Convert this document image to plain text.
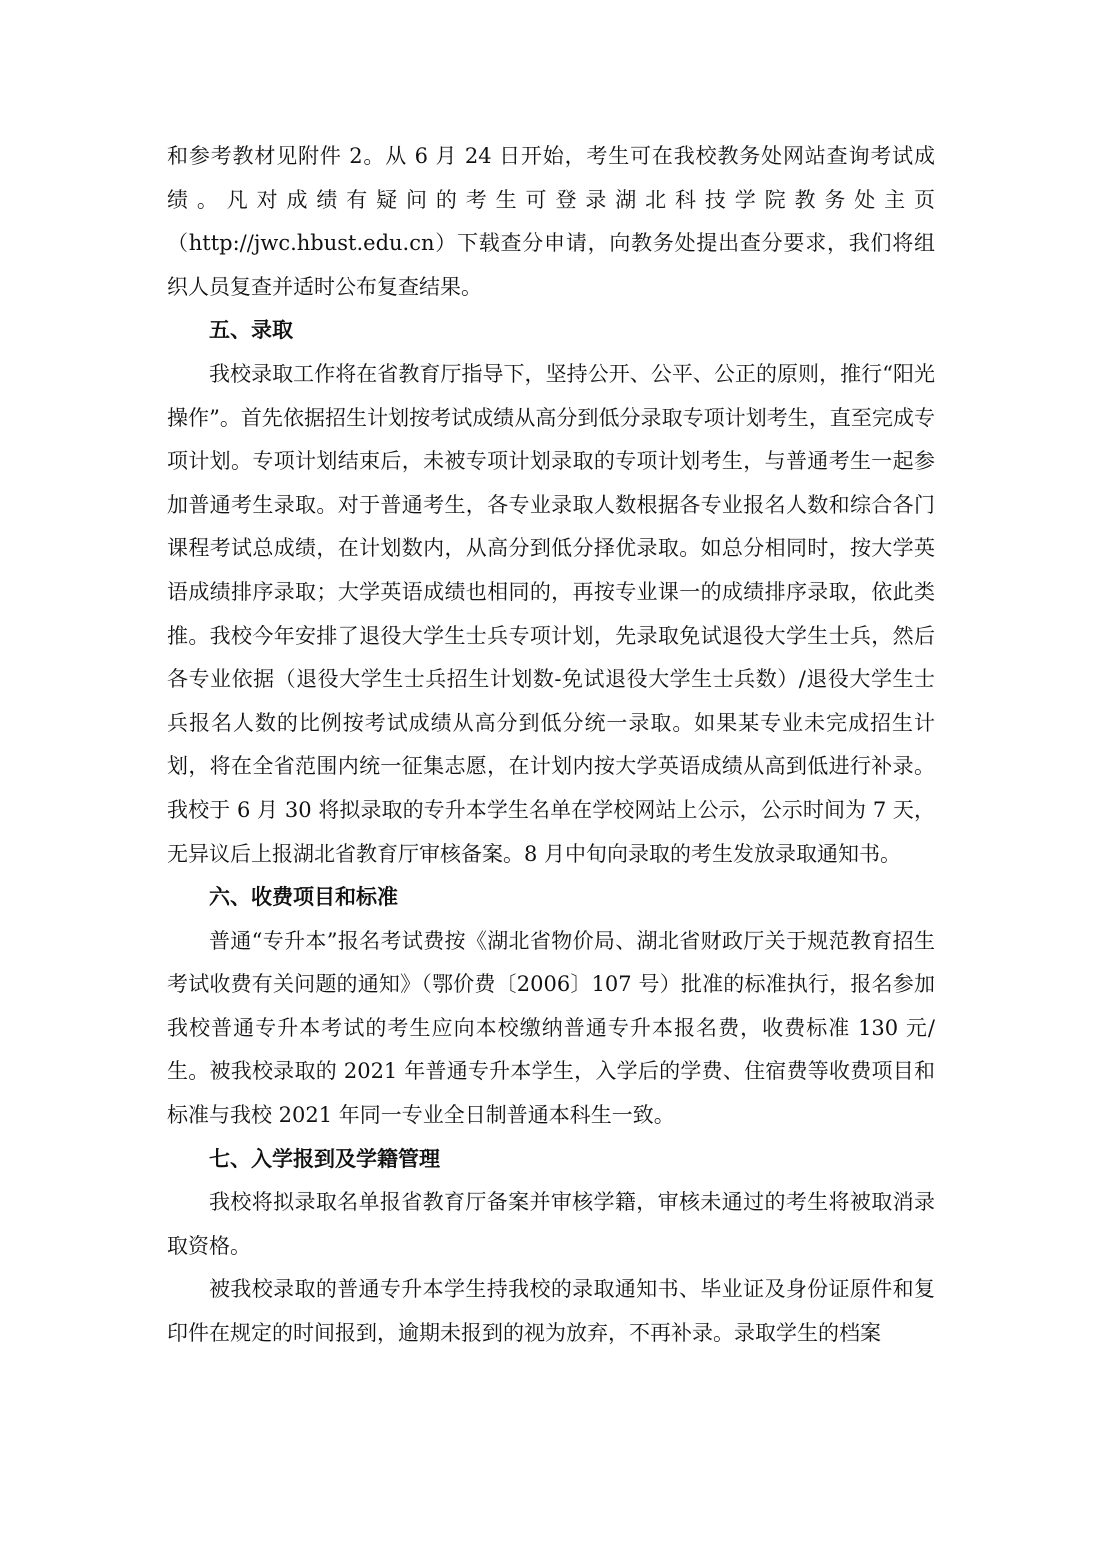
和参考教材见附件 2。从 6 月 24 日开始，考生可在我校教务处网站查询考试成绩。凡对成绩有疑问的考生可登录湖北科技学院教务处主页（http://jwc.hbust.edu.cn）下载查分申请，向教务处提出查分要求，我们将组织人员复查并适时公布复查结果。

五、录取

我校录取工作将在省教育厅指导下，坚持公开、公平、公正的原则，推行“阳光操作”。首先依据招生计划按考试成绩从高分到低分录取专项计划考生，直至完成专项计划。专项计划结束后，未被专项计划录取的专项计划考生，与普通考生一起参加普通考生录取。对于普通考生，各专业录取人数根据各专业报名人数和综合各门课程考试总成绩，在计划数内，从高分到低分择优录取。如总分相同时，按大学英语成绩排序录取；大学英语成绩也相同的，再按专业课一的成绩排序录取，依此类推。我校今年安排了退役大学生士兵专项计划，先录取免试退役大学生士兵，然后各专业依据（退役大学生士兵招生计划数-免试退役大学生士兵数）/退役大学生士兵报名人数的比例按考试成绩从高分到低分统一录取。如果某专业未完成招生计划，将在全省范围内统一征集志愿，在计划内按大学英语成绩从高到低进行补录。我校于 6 月 30 将拟录取的专升本学生名单在学校网站上公示，公示时间为 7 天，无异议后上报湖北省教育厅审核备案。8 月中旬向录取的考生发放录取通知书。

六、收费项目和标准

普通“专升本”报名考试费按《湖北省物价局、湖北省财政厅关于规范教育招生考试收费有关问题的通知》（鄂价费〔2006〕107 号）批准的标准执行，报名参加我校普通专升本考试的考生应向本校缴纳普通专升本报名费，收费标准 130 元/生。被我校录取的 2021 年普通专升本学生，入学后的学费、住宿费等收费项目和标准与我校 2021 年同一专业全日制普通本科生一致。

七、入学报到及学籍管理

我校将拟录取名单报省教育厅备案并审核学籍，审核未通过的考生将被取消录取资格。

被我校录取的普通专升本学生持我校的录取通知书、毕业证及身份证原件和复印件在规定的时间报到，逾期未报到的视为放弃，不再补录。录取学生的档案
